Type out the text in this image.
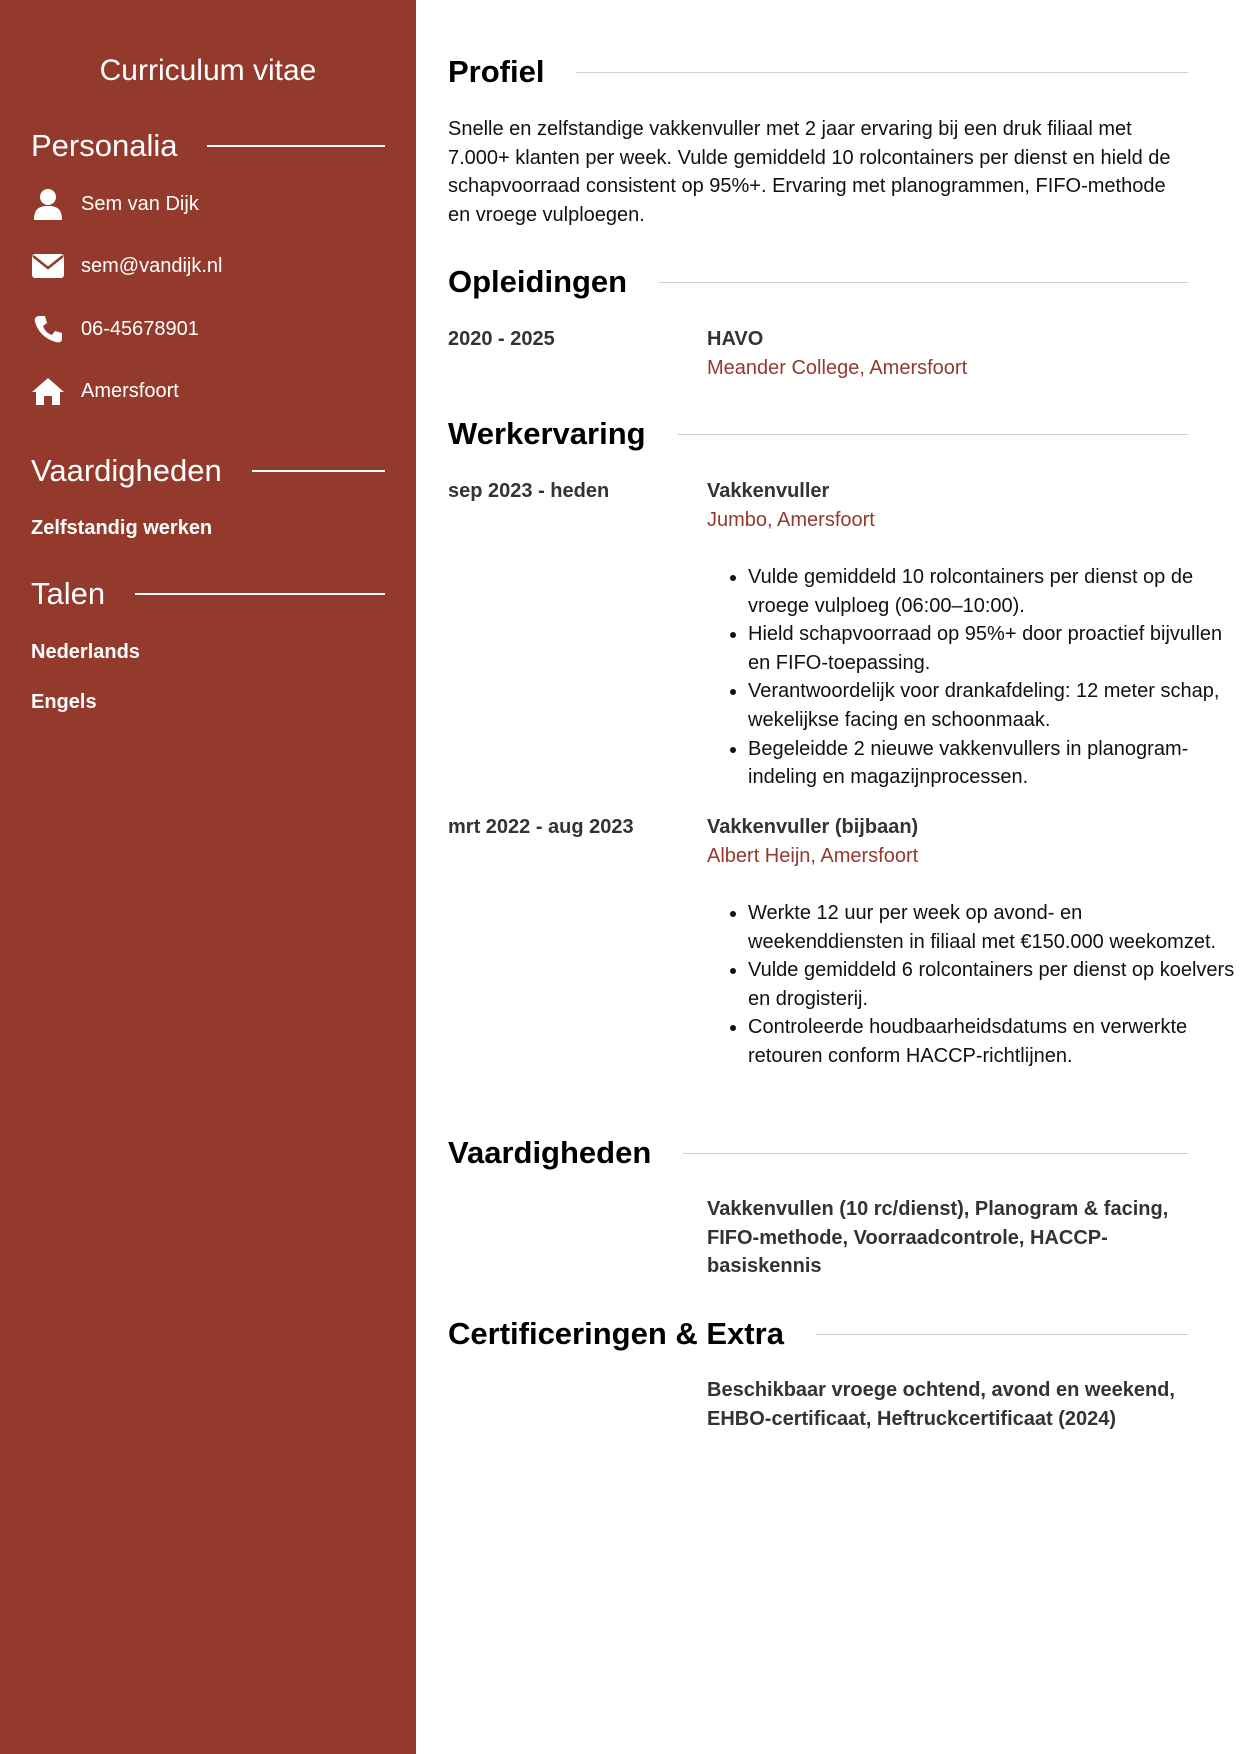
Curriculum vitae
Personalia
Sem van Dijk
sem@vandijk.nl
06-45678901
Amersfoort
Vaardigheden
Zelfstandig werken
Talen
Nederlands
Engels
Profiel
Snelle en zelfstandige vakkenvuller met 2 jaar ervaring bij een druk filiaal met 7.000+ klanten per week. Vulde gemiddeld 10 rolcontainers per dienst en hield de schapvoorraad consistent op 95%+. Ervaring met planogrammen, FIFO-methode en vroege vulploegen.
Opleidingen
2020 - 2025	HAVO
Meander College, Amersfoort
Werkervaring
sep 2023 - heden	Vakkenvuller
Jumbo, Amersfoort
• Vulde gemiddeld 10 rolcontainers per dienst op de vroege vulploeg (06:00–10:00).
• Hield schapvoorraad op 95%+ door proactief bijvullen en FIFO-toepassing.
• Verantwoordelijk voor drankafdeling: 12 meter schap, wekelijkse facing en schoonmaak.
• Begeleidde 2 nieuwe vakkenvullers in planogram-indeling en magazijnprocessen.
mrt 2022 - aug 2023	Vakkenvuller (bijbaan)
Albert Heijn, Amersfoort
• Werkte 12 uur per week op avond- en weekenddiensten in filiaal met €150.000 weekomzet.
• Vulde gemiddeld 6 rolcontainers per dienst op koelvers en drogisterij.
• Controleerde houdbaarheidsdatums en verwerkte retouren conform HACCP-richtlijnen.
Vaardigheden
Vakkenvullen (10 rc/dienst), Planogram & facing, FIFO-methode, Voorraadcontrole, HACCP-basiskennis
Certificeringen & Extra
Beschikbaar vroege ochtend, avond en weekend, EHBO-certificaat, Heftruckcertificaat (2024)
